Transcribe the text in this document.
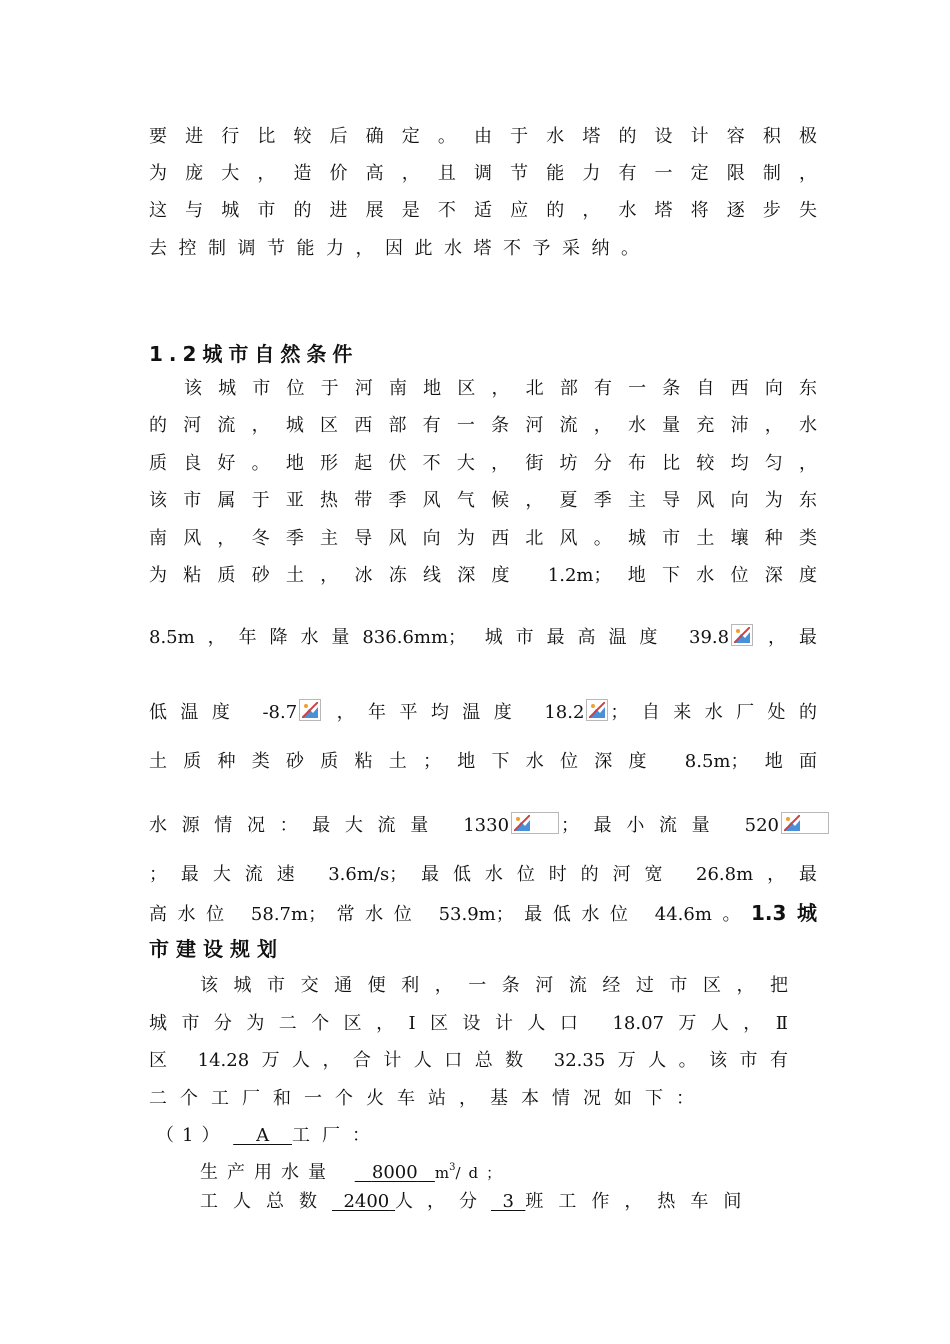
要进行比较后确定。由于水塔的设计容积极
为庞大，造价高，且调节能力有一定限制，
这与城市的进展是不适应的，水塔将逐步失
去控制调节能力，因此水塔不予采纳。
1.2城市自然条件
该城市位于河南地区，北部有一条自西向东
的河流，城区西部有一条河流，水量充沛，水
质良好。地形起伏不大，街坊分布比较均匀，
该市属于亚热带季风气候，夏季主导风向为东
南风，冬季主导风向为西北风。城市土壤种类
为粘质砂土，冰冻线深度 1.2m；地下水位深度
8.5m，年降水量836.6mm； 城市最高温度 39.8 ，最
低温度 -8.7 ，年平均温度 18.2 ；自来水厂处的
土质种类砂质粘土；地下水位深度 8.5m；地面
水源情况：最大流量 1330	；最小流量 520
；最大流速 3.6m/s；最低水位时的河宽 26.8m，最
高水位 58.7m；常水位 53.9m；最低水位 44.6m。1.3城
市建设规划
该城市交通便利，一条河流经过市区，把
城市分为二个区，Ⅰ区设计人口 18.07万人，Ⅱ
区 14.28万人，合计人口总数 32.35万人。该市有
二个工厂和一个火车站，基本情况如下：
（1） A 工厂：
生产用水量 8000 $m^3/d$；
工人总数 2400 人，分 3 班工作，热车间
